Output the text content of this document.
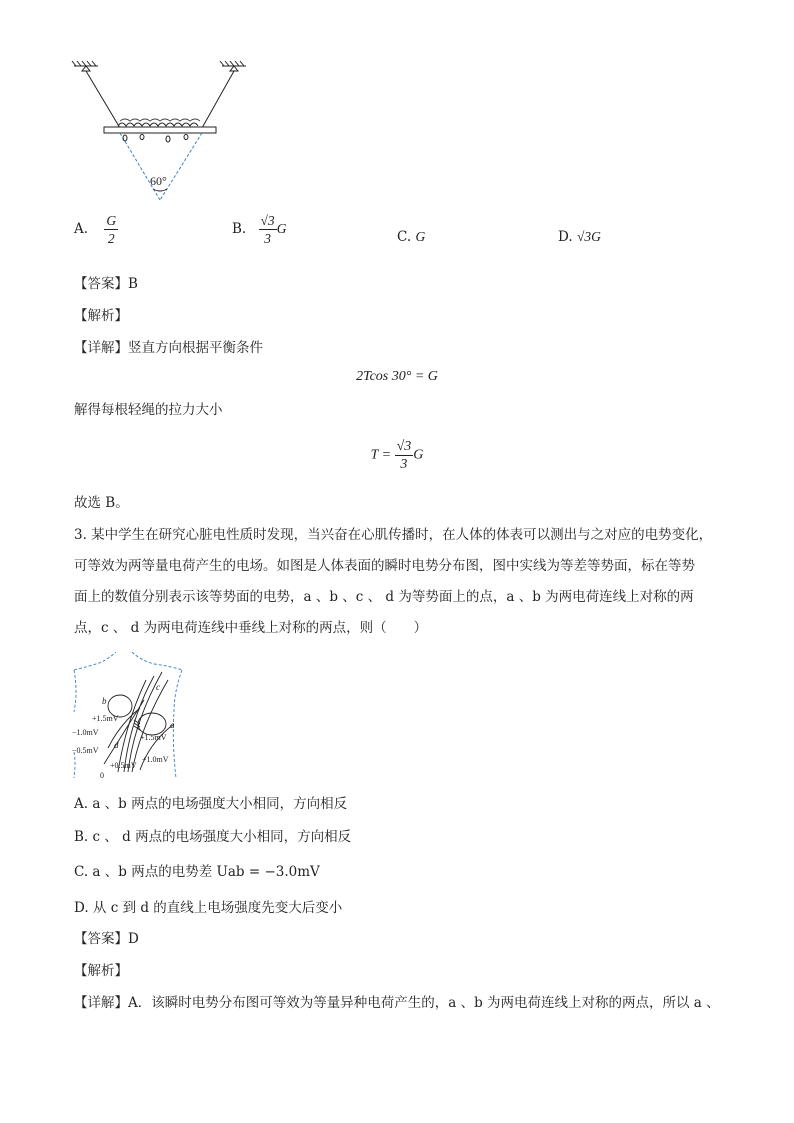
60°
A. $\frac{G}{2}$	B. $\frac{√3}{3}$ G
C. G	D. √3G
【答案】B
【解析】
【详解】竖直方向根据平衡条件
2Tcos 30° = G
解得每根轻绳的拉力大小
$T = \frac{√3}{3}$ G
故选 B。
3. 某中学生在研究心脏电性质时发现，当兴奋在心肌传播时，在人体的体表可以测出与之对应的电势变化，
可等效为两等量电荷产生的电场。如图是人体表面的瞬时电势分布图，图中实线为等差等势面，标在等势
面上的数值分别表示该等势面的电势，a 、b 、c 、 d 为等势面上的点，a 、b 为两电荷连线上对称的两
点，c 、 d 为两电荷连线中垂线上对称的两点，则（　　）
b
c
a
d
+1.5mV
−1.0mV
−0.5mV
+1.5mV
+1.0mV
+0.5mV
0
A. a 、b 两点的电场强度大小相同，方向相反
B. c 、 d 两点的电场强度大小相同，方向相反
C. a 、b 两点的电势差 Uab = −3.0mV
D. 从 c 到 d 的直线上电场强度先变大后变小
【答案】D
【解析】
【详解】A．该瞬时电势分布图可等效为等量异种电荷产生的，a 、b 为两电荷连线上对称的两点，所以 a 、
